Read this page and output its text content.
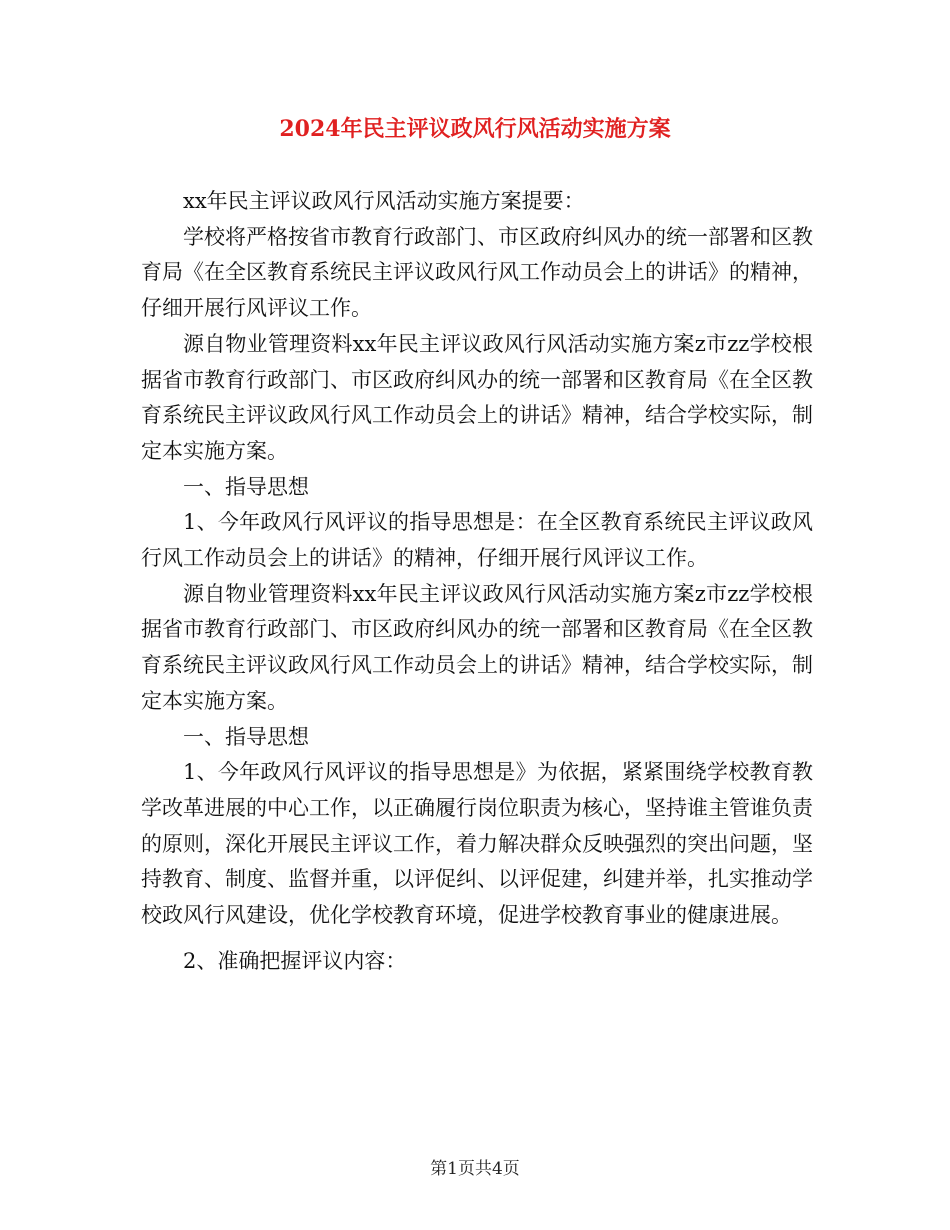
2024年民主评议政风行风活动实施方案

xx年民主评议政风行风活动实施方案提要：

学校将严格按省市教育行政部门、市区政府纠风办的统一部署和区教育局《在全区教育系统民主评议政风行风工作动员会上的讲话》的精神，仔细开展行风评议工作。

源自物业管理资料xx年民主评议政风行风活动实施方案z市zz学校根据省市教育行政部门、市区政府纠风办的统一部署和区教育局《在全区教育系统民主评议政风行风工作动员会上的讲话》精神，结合学校实际，制定本实施方案。

一、指导思想

1、今年政风行风评议的指导思想是：在全区教育系统民主评议政风行风工作动员会上的讲话》的精神，仔细开展行风评议工作。

源自物业管理资料xx年民主评议政风行风活动实施方案z市zz学校根据省市教育行政部门、市区政府纠风办的统一部署和区教育局《在全区教育系统民主评议政风行风工作动员会上的讲话》精神，结合学校实际，制定本实施方案。

一、指导思想

1、今年政风行风评议的指导思想是》为依据，紧紧围绕学校教育教学改革进展的中心工作，以正确履行岗位职责为核心，坚持谁主管谁负责的原则，深化开展民主评议工作，着力解决群众反映强烈的突出问题，坚持教育、制度、监督并重，以评促纠、以评促建，纠建并举，扎实推动学校政风行风建设，优化学校教育环境，促进学校教育事业的健康进展。

2、准确把握评议内容：

第1页共4页
